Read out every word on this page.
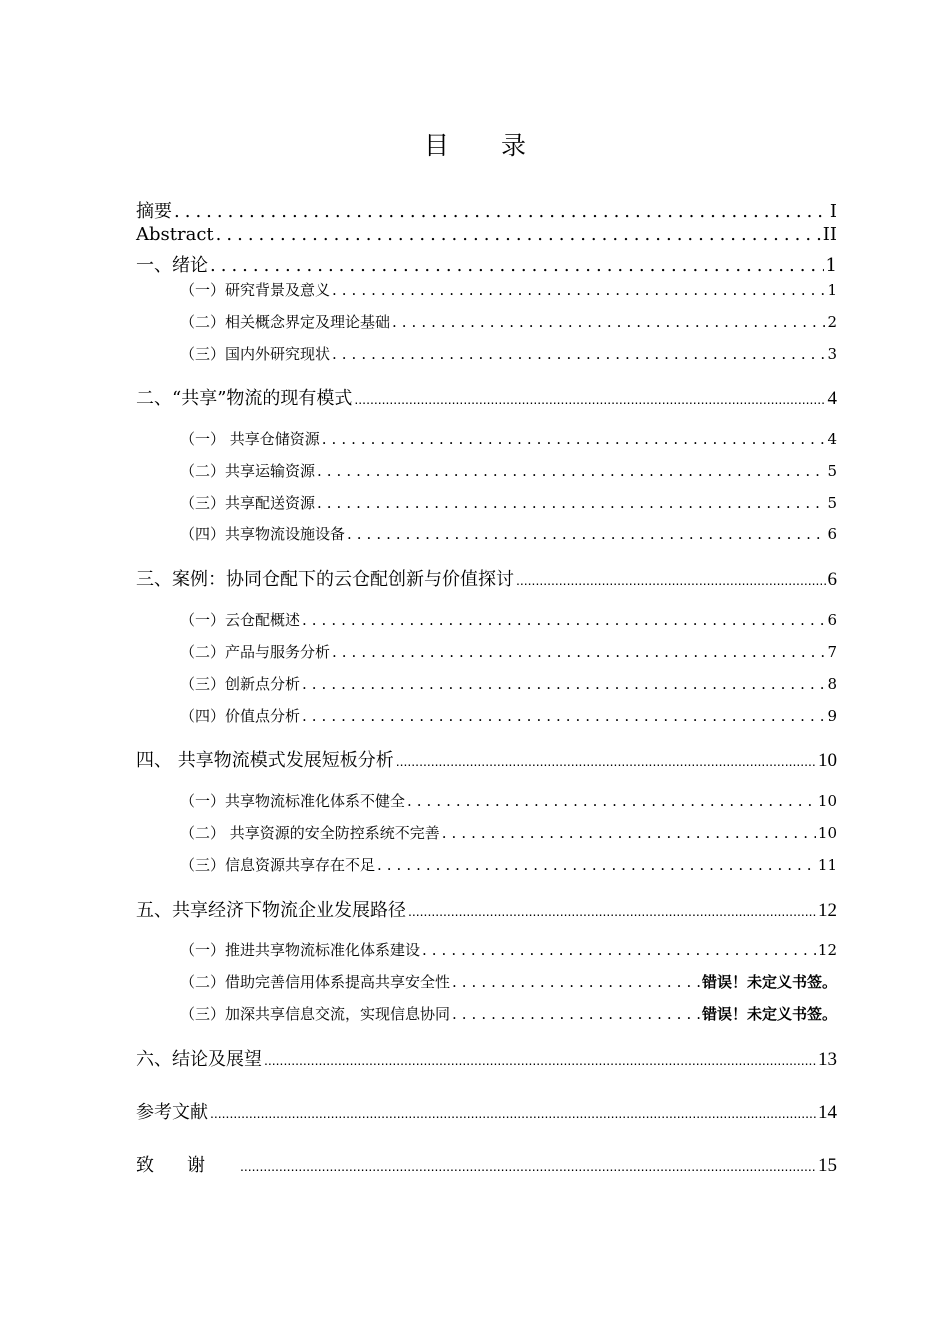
目 录
摘要 .....	I
Abstract .....	II
一、绪论 .....	1
（一）研究背景及意义 .....	1
（二）相关概念界定及理论基础 .....	2
（三）国内外研究现状 .....	3
二、“共享”物流的现有模式 .....	4
（一） 共享仓储资源 .....	4
（二）共享运输资源 .....	5
（三）共享配送资源 .....	5
（四）共享物流设施设备 .....	6
三、案例：协同仓配下的云仓配创新与价值探讨 .....	6
（一）云仓配概述 .....	6
（二）产品与服务分析 .....	7
（三）创新点分析 .....	8
（四）价值点分析 .....	9
四、 共享物流模式发展短板分析 .....	10
（一）共享物流标准化体系不健全 .....	10
（二） 共享资源的安全防控系统不完善 .....	10
（三）信息资源共享存在不足 .....	11
五、共享经济下物流企业发展路径 .....	12
（一）推进共享物流标准化体系建设 .....	12
（二）借助完善信用体系提高共享安全性 .....	错误！未定义书签。
（三）加深共享信息交流，实现信息协同 .....	错误！未定义书签。
六、结论及展望 .....	13
参考文献 .....	14
致谢 .....	15
